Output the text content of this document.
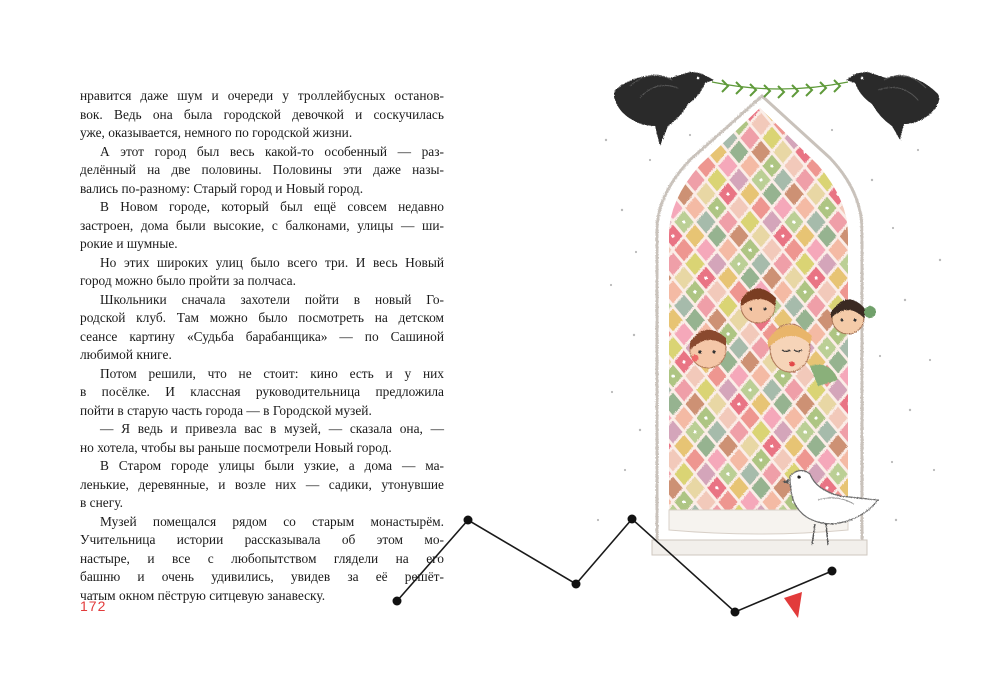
нравится даже шум и очереди у троллейбусных останов-
вок. Ведь она была городской девочкой и соскучилась
уже, оказывается, немного по городской жизни.

А этот город был весь какой-то особенный — раз-
делённый на две половины. Половины эти даже назы-
вались по-разному: Старый город и Новый город.

В Новом городе, который был ещё совсем недавно
застроен, дома были высокие, с балконами, улицы — ши-
рокие и шумные.

Но этих широких улиц было всего три. И весь Новый
город можно было пройти за полчаса.

Школьники сначала захотели пойти в новый Го-
родской клуб. Там можно было посмотреть на детском
сеансе картину «Судьба барабанщика» — по Сашиной
любимой книге.

Потом решили, что не стоит: кино есть и у них
в посёлке. И классная руководительница предложила
пойти в старую часть города — в Городской музей.

— Я ведь и привезла вас в музей, — сказала она, —
но хотела, чтобы вы раньше посмотрели Новый город.

В Старом городе улицы были узкие, а дома — ма-
ленькие, деревянные, и возле них — садики, утонувшие
в снегу.

Музей помещался рядом со старым монастырём.
Учительница истории рассказывала об этом мо-
настыре, и все с любопытством глядели на его
башню и очень удивились, увидев за её решёт-
чатым окном пёструю ситцевую занавеску.

172
